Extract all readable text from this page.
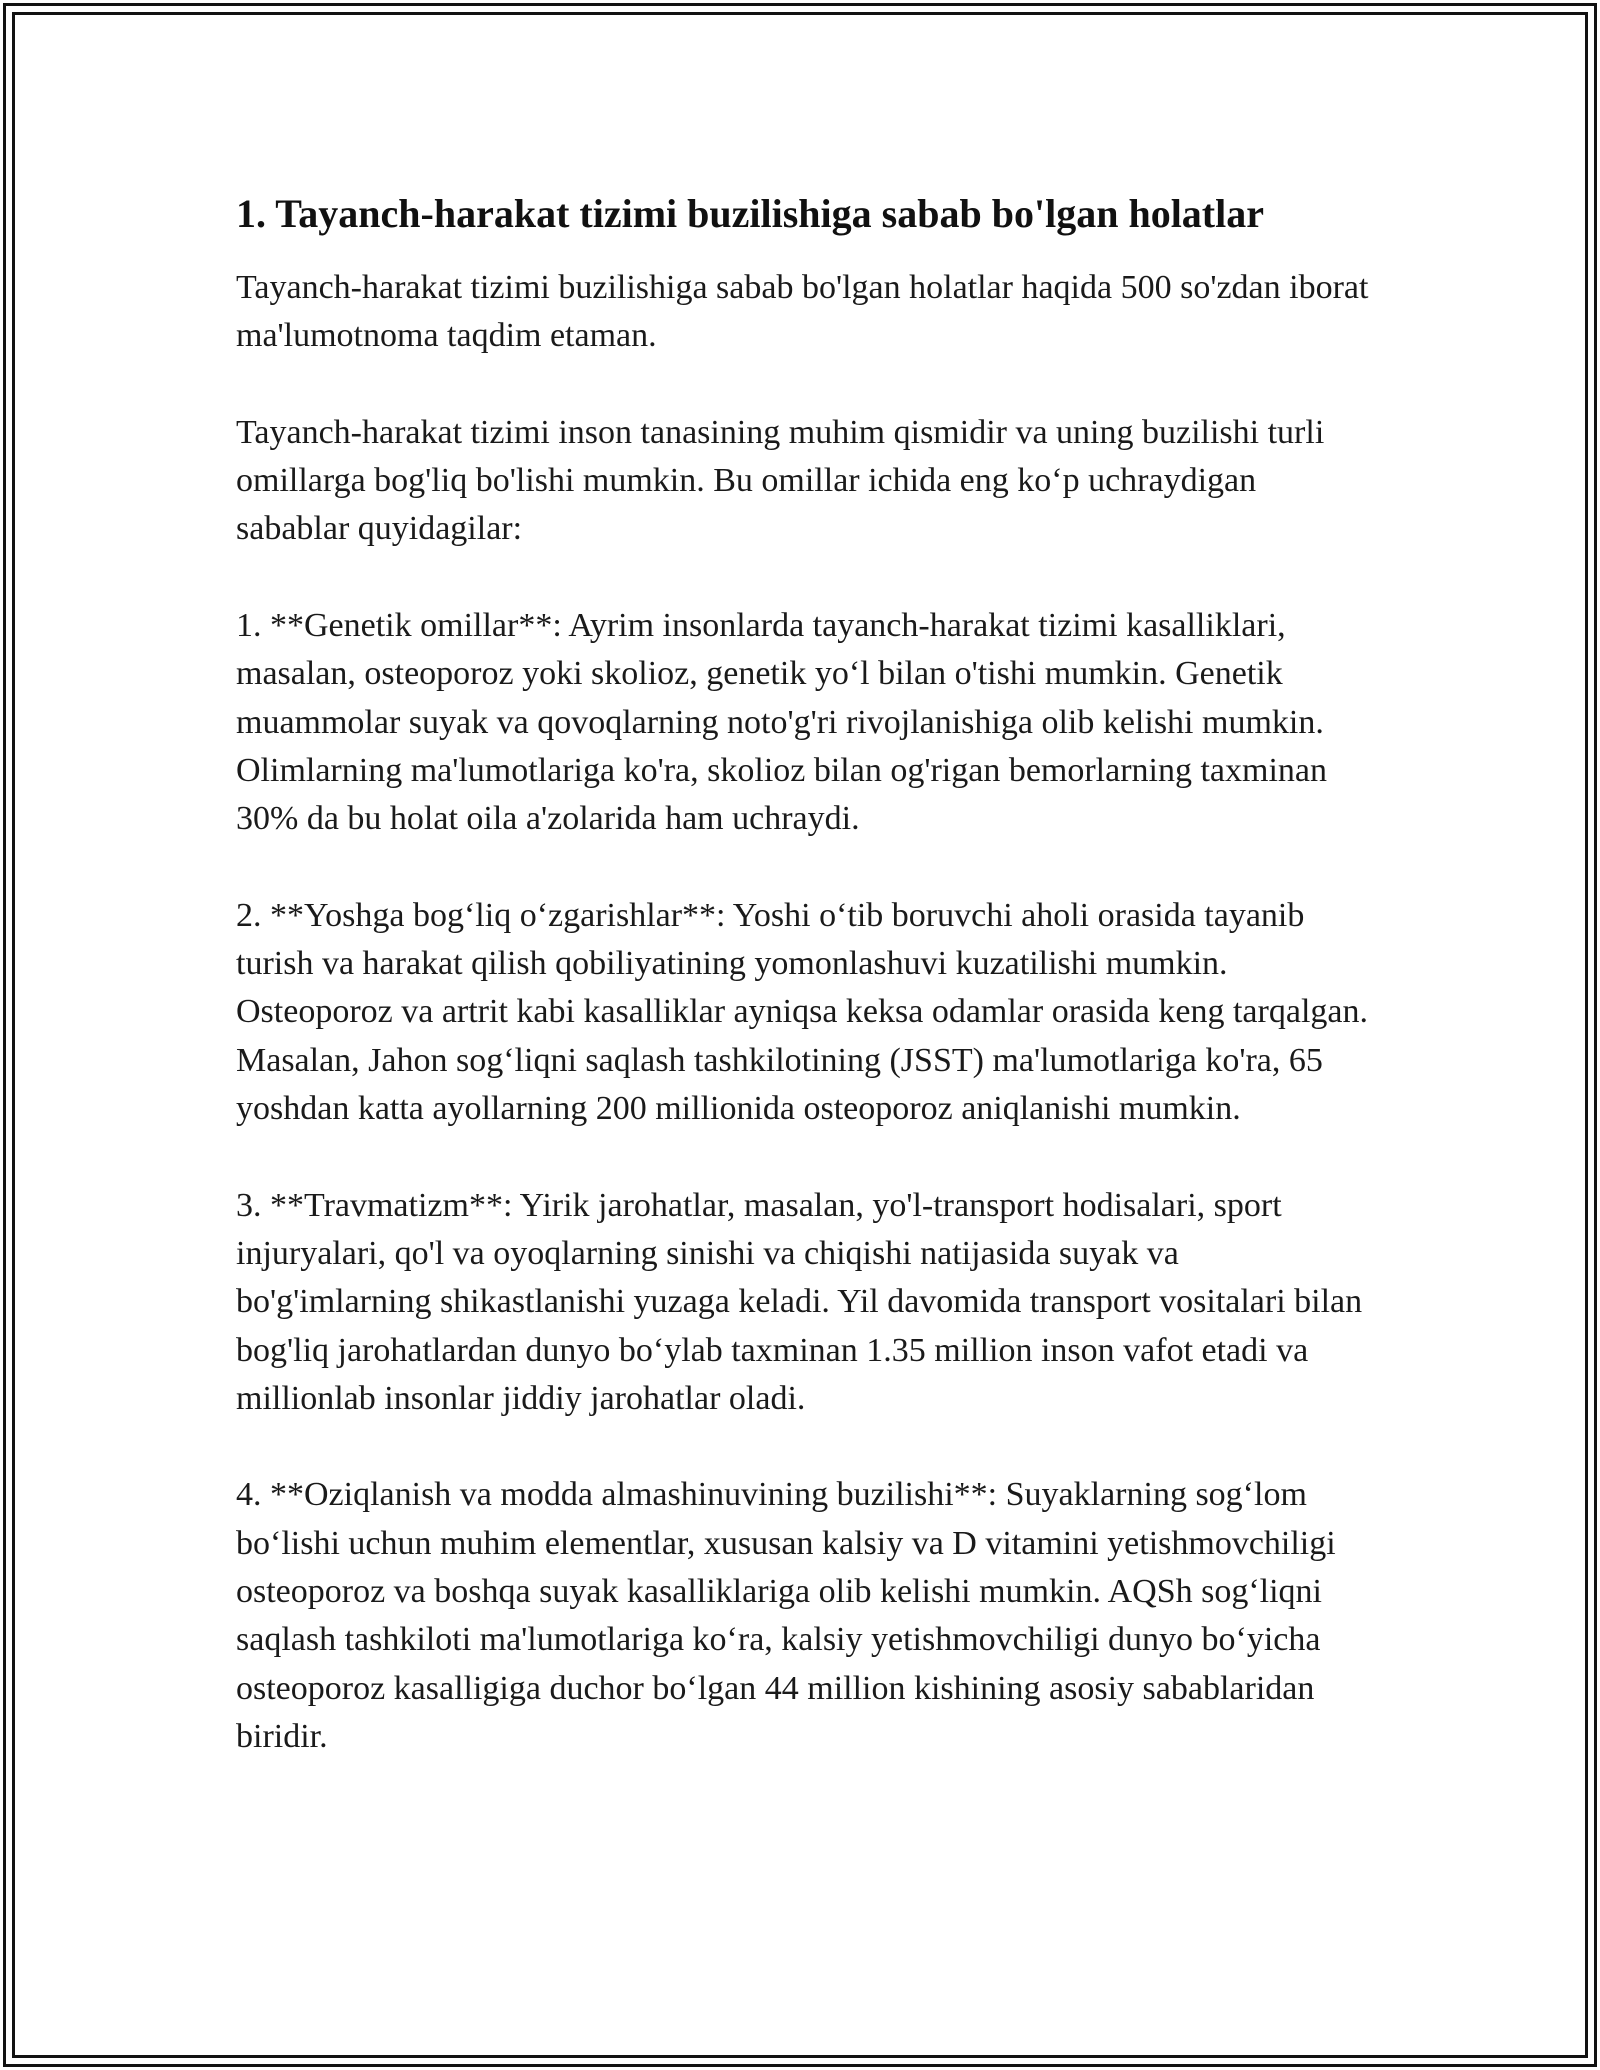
1. Tayanch-harakat tizimi buzilishiga sabab bo'lgan holatlar

Tayanch-harakat tizimi buzilishiga sabab bo'lgan holatlar haqida 500 so'zdan iborat ma'lumotnoma taqdim etaman.

Tayanch-harakat tizimi inson tanasining muhim qismidir va uning buzilishi turli omillarga bog'liq bo'lishi mumkin. Bu omillar ichida eng ko‘p uchraydigan sabablar quyidagilar:

1. **Genetik omillar**: Ayrim insonlarda tayanch-harakat tizimi kasalliklari, masalan, osteoporoz yoki skolioz, genetik yo‘l bilan o'tishi mumkin. Genetik muammolar suyak va qovoqlarning noto'g'ri rivojlanishiga olib kelishi mumkin. Olimlarning ma'lumotlariga ko'ra, skolioz bilan og'rigan bemorlarning taxminan 30% da bu holat oila a'zolarida ham uchraydi.

2. **Yoshga bog‘liq o‘zgarishlar**: Yoshi o‘tib boruvchi aholi orasida tayanib turish va harakat qilish qobiliyatining yomonlashuvi kuzatilishi mumkin. Osteoporoz va artrit kabi kasalliklar ayniqsa keksa odamlar orasida keng tarqalgan. Masalan, Jahon sog‘liqni saqlash tashkilotining (JSST) ma'lumotlariga ko'ra, 65 yoshdan katta ayollarning 200 millionida osteoporoz aniqlanishi mumkin.

3. **Travmatizm**: Yirik jarohatlar, masalan, yo'l-transport hodisalari, sport injuryalari, qo'l va oyoqlarning sinishi va chiqishi natijasida suyak va bo'g'imlarning shikastlanishi yuzaga keladi. Yil davomida transport vositalari bilan bog'liq jarohatlardan dunyo bo‘ylab taxminan 1.35 million inson vafot etadi va millionlab insonlar jiddiy jarohatlar oladi.

4. **Oziqlanish va modda almashinuvining buzilishi**: Suyaklarning sog‘lom bo‘lishi uchun muhim elementlar, xususan kalsiy va D vitamini yetishmovchiligi osteoporoz va boshqa suyak kasalliklariga olib kelishi mumkin. AQSh sog‘liqni saqlash tashkiloti ma'lumotlariga ko‘ra, kalsiy yetishmovchiligi dunyo bo‘yicha osteoporoz kasalligiga duchor bo‘lgan 44 million kishining asosiy sabablaridan biridir.
